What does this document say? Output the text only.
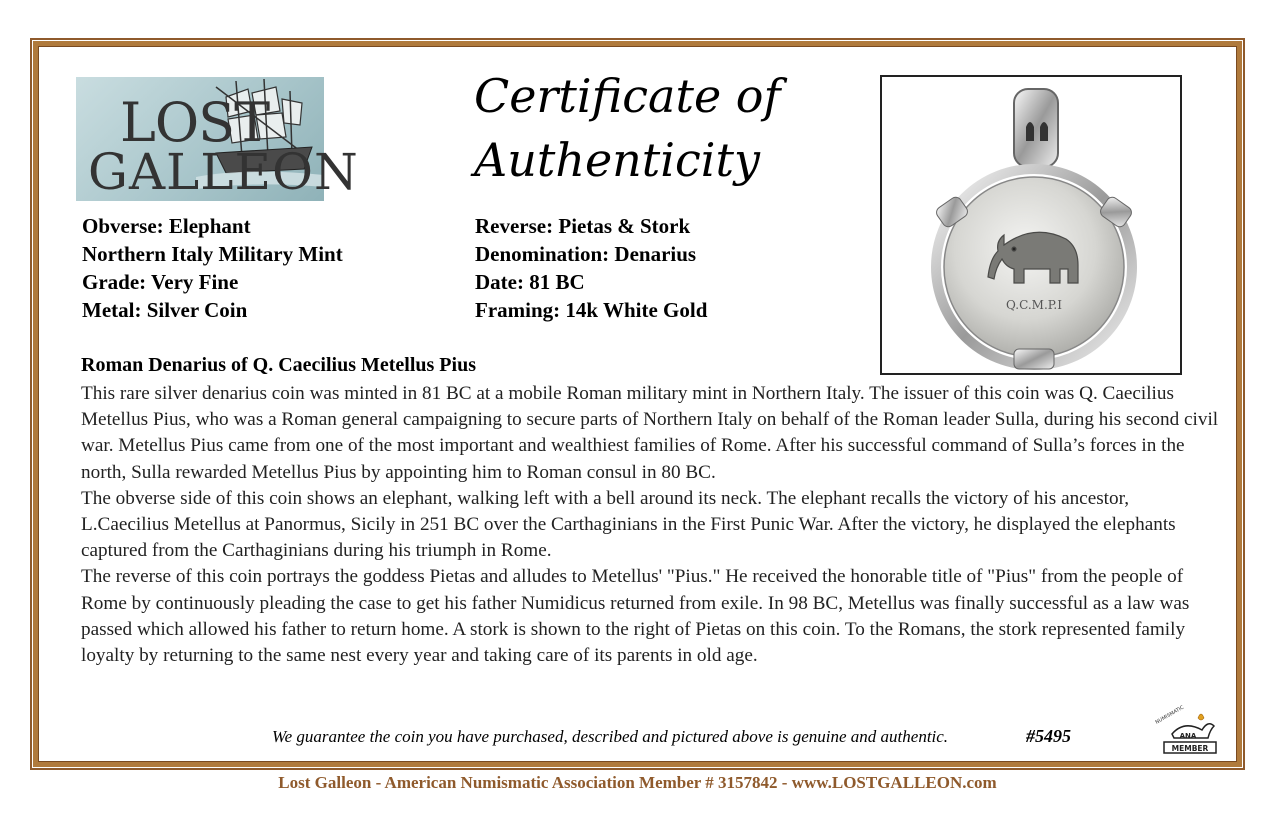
LOST
GALLEON
Certificate of
Authenticity
Q.C.M.P.I
Obverse: Elephant
Northern Italy Military Mint
Grade: Very Fine
Metal: Silver Coin
Reverse: Pietas & Stork
Denomination: Denarius
Date: 81 BC
Framing: 14k White Gold
Roman Denarius of Q. Caecilius Metellus Pius

This rare silver denarius coin was minted in 81 BC at a mobile Roman military mint in Northern Italy. The issuer of this coin was Q. Caecilius Metellus Pius, who was a Roman general campaigning to secure parts of Northern Italy on behalf of the Roman leader Sulla, during his second civil war. Metellus Pius came from one of the most important and wealthiest families of Rome. After his successful command of Sulla’s forces in the north, Sulla rewarded Metellus Pius by appointing him to Roman consul in 80 BC.

The obverse side of this coin shows an elephant, walking left with a bell around its neck. The elephant recalls the victory of his ancestor, L.Caecilius Metellus at Panormus, Sicily in 251 BC over the Carthaginians in the First Punic War. After the victory, he displayed the elephants captured from the Carthaginians during his triumph in Rome.

The reverse of this coin portrays the goddess Pietas and alludes to Metellus' "Pius." He received the honorable title of "Pius" from the people of Rome by continuously pleading the case to get his father Numidicus returned from exile. In 98 BC, Metellus was finally successful as a law was passed which allowed his father to return home. A stork is shown to the right of Pietas on this coin. To the Romans, the stork represented family loyalty by returning to the same nest every year and taking care of its parents in old age.

We guarantee the coin you have purchased, described and pictured above is genuine and authentic.	#5495
NUMISMATIC
ANA
MEMBER
Lost Galleon - American Numismatic Association Member # 3157842 - www.LOSTGALLEON.com
